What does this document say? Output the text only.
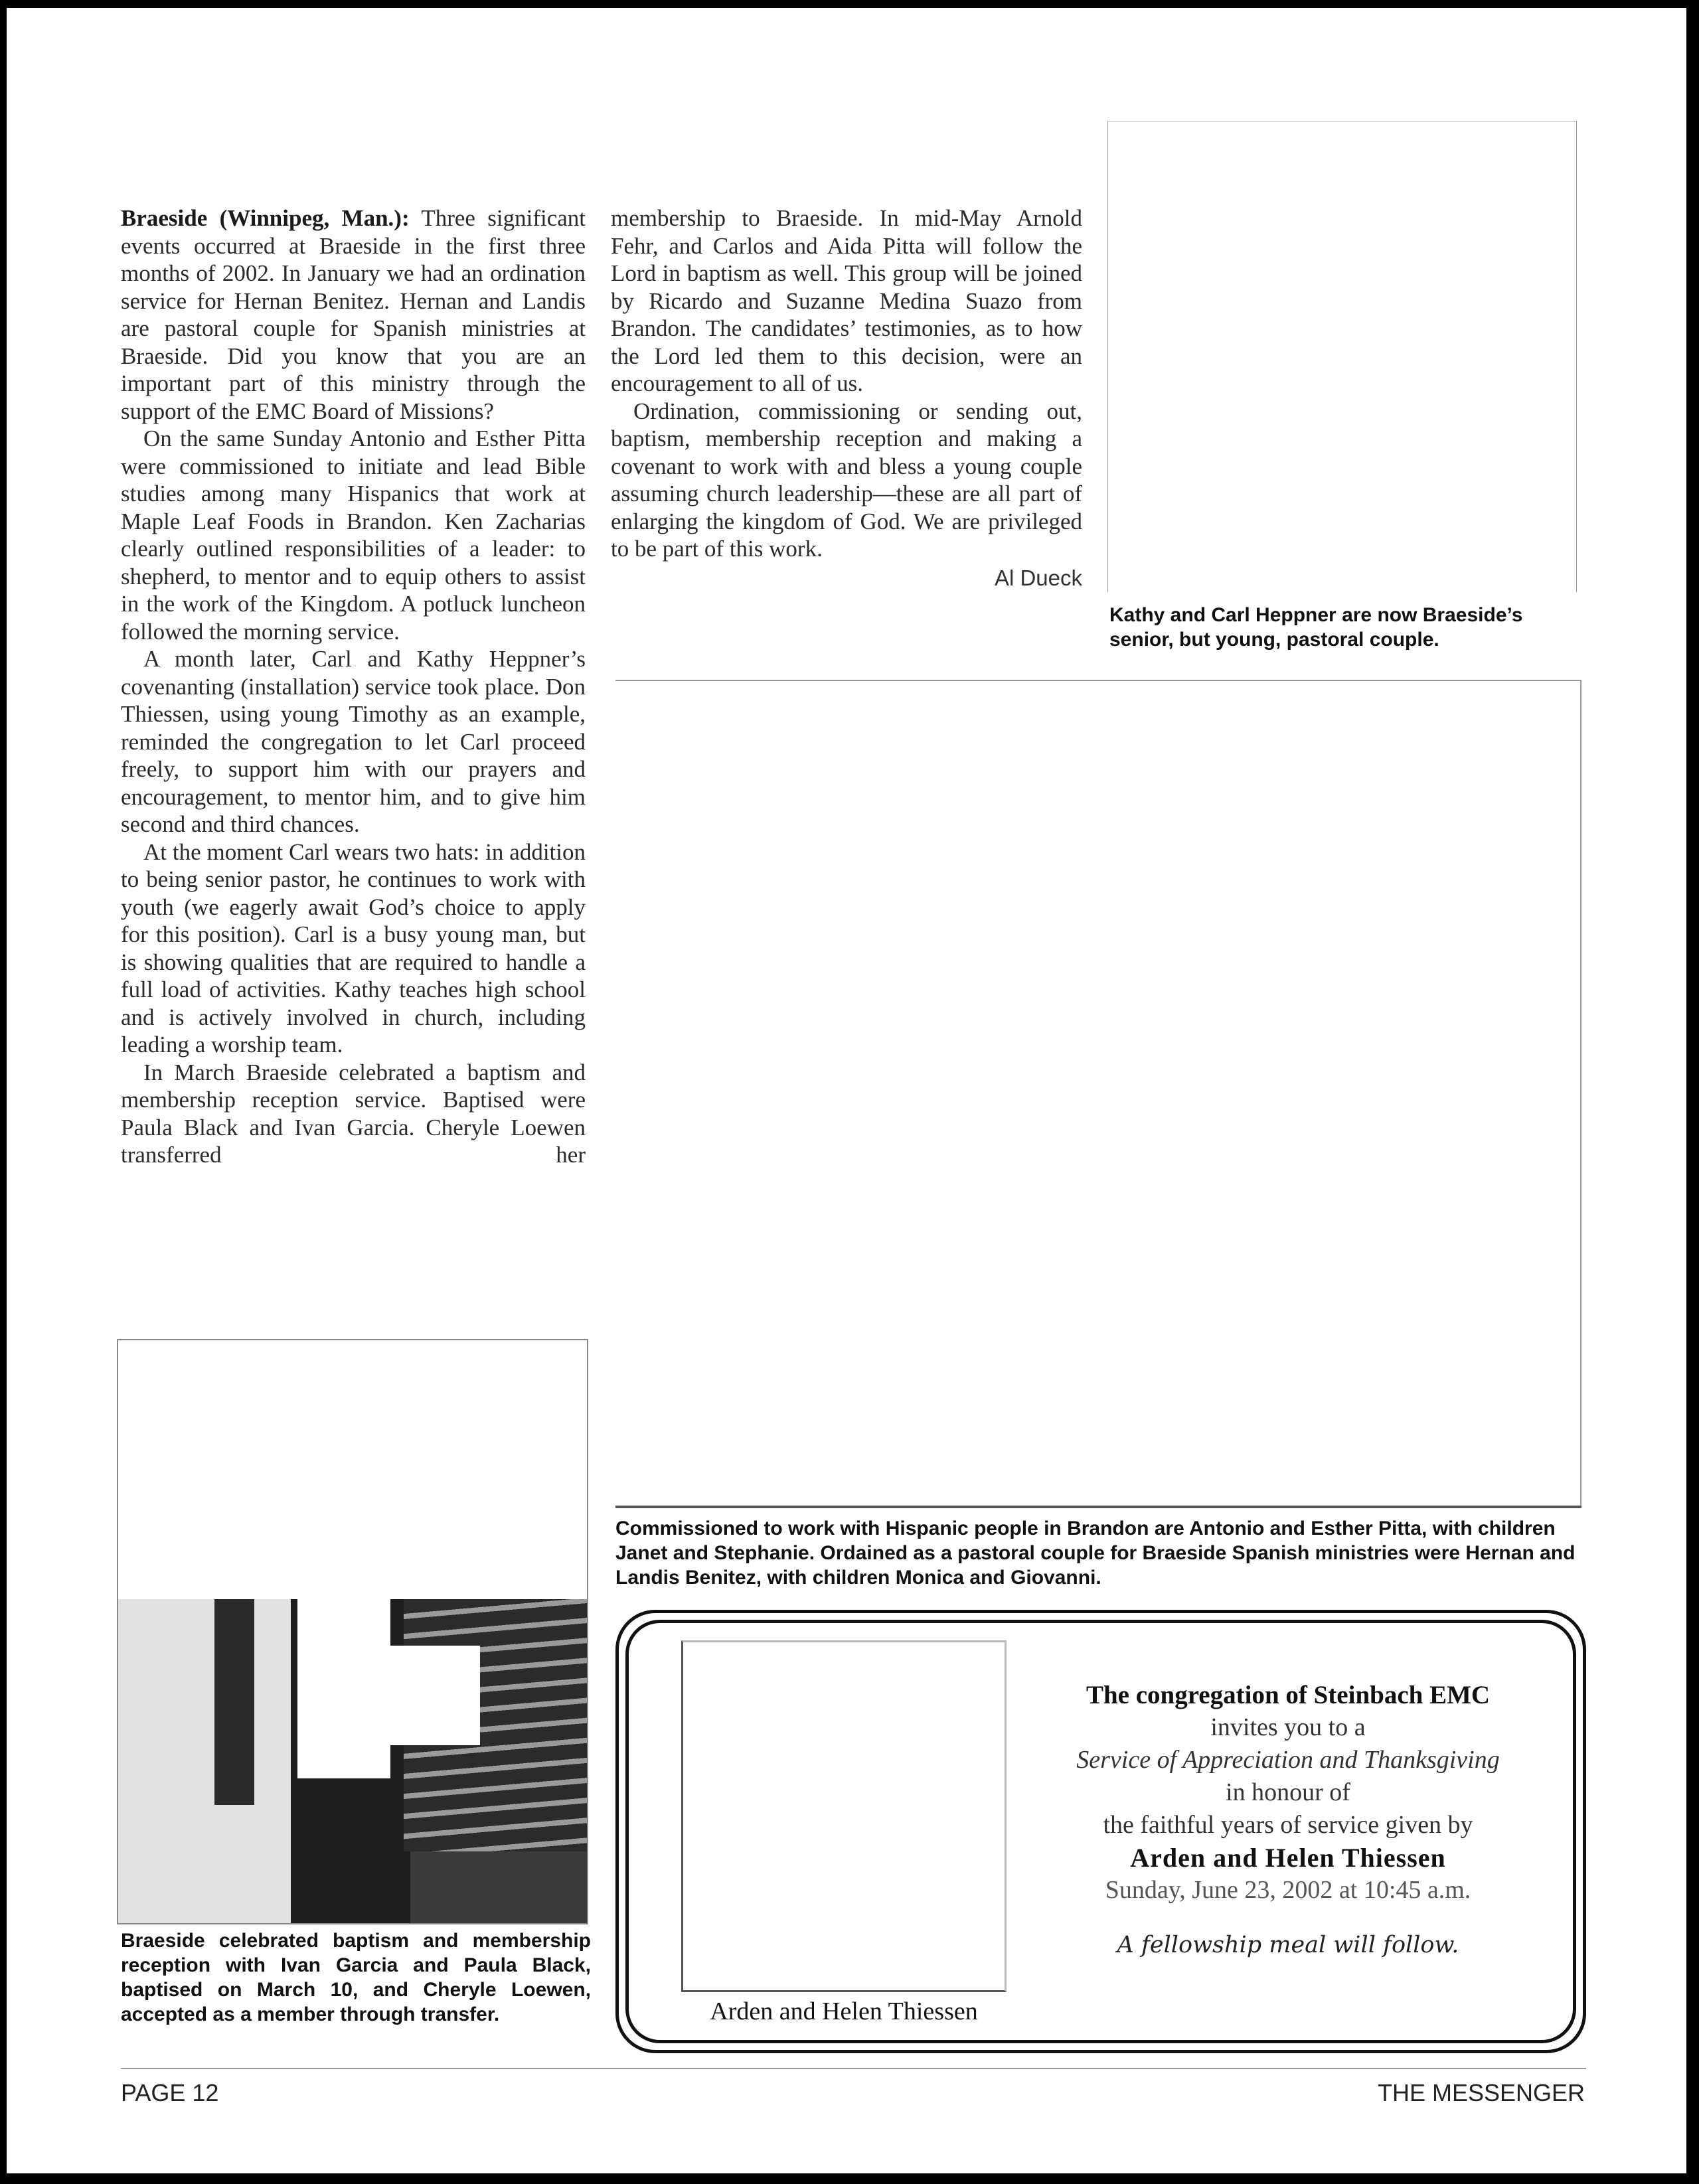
Braeside (Winnipeg, Man.): Three significant events occurred at Braeside in the first three months of 2002. In January we had an ordination service for Hernan Benitez. Hernan and Landis are pastoral couple for Spanish ministries at Braeside. Did you know that you are an important part of this ministry through the support of the EMC Board of Missions?

On the same Sunday Antonio and Esther Pitta were commissioned to initiate and lead Bible studies among many Hispanics that work at Maple Leaf Foods in Brandon. Ken Zacharias clearly outlined responsibilities of a leader: to shepherd, to mentor and to equip others to assist in the work of the Kingdom. A potluck luncheon followed the morning service.

A month later, Carl and Kathy Heppner’s covenanting (installation) service took place. Don Thiessen, using young Timothy as an example, reminded the congregation to let Carl proceed freely, to support him with our prayers and encouragement, to mentor him, and to give him second and third chances.

At the moment Carl wears two hats: in addition to being senior pastor, he continues to work with youth (we eagerly await God’s choice to apply for this position). Carl is a busy young man, but is showing qualities that are required to handle a full load of activities. Kathy teaches high school and is actively involved in church, including leading a worship team.

In March Braeside celebrated a baptism and membership reception service. Baptised were Paula Black and Ivan Garcia. Cheryle Loewen transferred her

membership to Braeside. In mid-May Arnold Fehr, and Carlos and Aida Pitta will follow the Lord in baptism as well. This group will be joined by Ricardo and Suzanne Medina Suazo from Brandon. The candidates’ testimonies, as to how the Lord led them to this decision, were an encouragement to all of us.

Ordination, commissioning or sending out, baptism, membership reception and making a covenant to work with and bless a young couple assuming church leadership—these are all part of enlarging the kingdom of God. We are privileged to be part of this work.

Al Dueck
Kathy and Carl Heppner are now Braeside’s senior, but young, pastoral couple.
Commissioned to work with Hispanic people in Brandon are Antonio and Esther Pitta, with children Janet and Stephanie. Ordained as a pastoral couple for Braeside Spanish ministries were Hernan and Landis Benitez, with children Monica and Giovanni.
Braeside celebrated baptism and membership reception with Ivan Garcia and Paula Black, baptised on March 10, and Cheryle Loewen, accepted as a member through transfer.	Arden and Helen Thiessen
The congregation of Steinbach EMC
invites you to a
Service of Appreciation and Thanksgiving
in honour of
the faithful years of service given by
Arden and Helen Thiessen
Sunday, June 23, 2002 at 10:45 a.m.
A fellowship meal will follow.
PAGE 12	THE MESSENGER
